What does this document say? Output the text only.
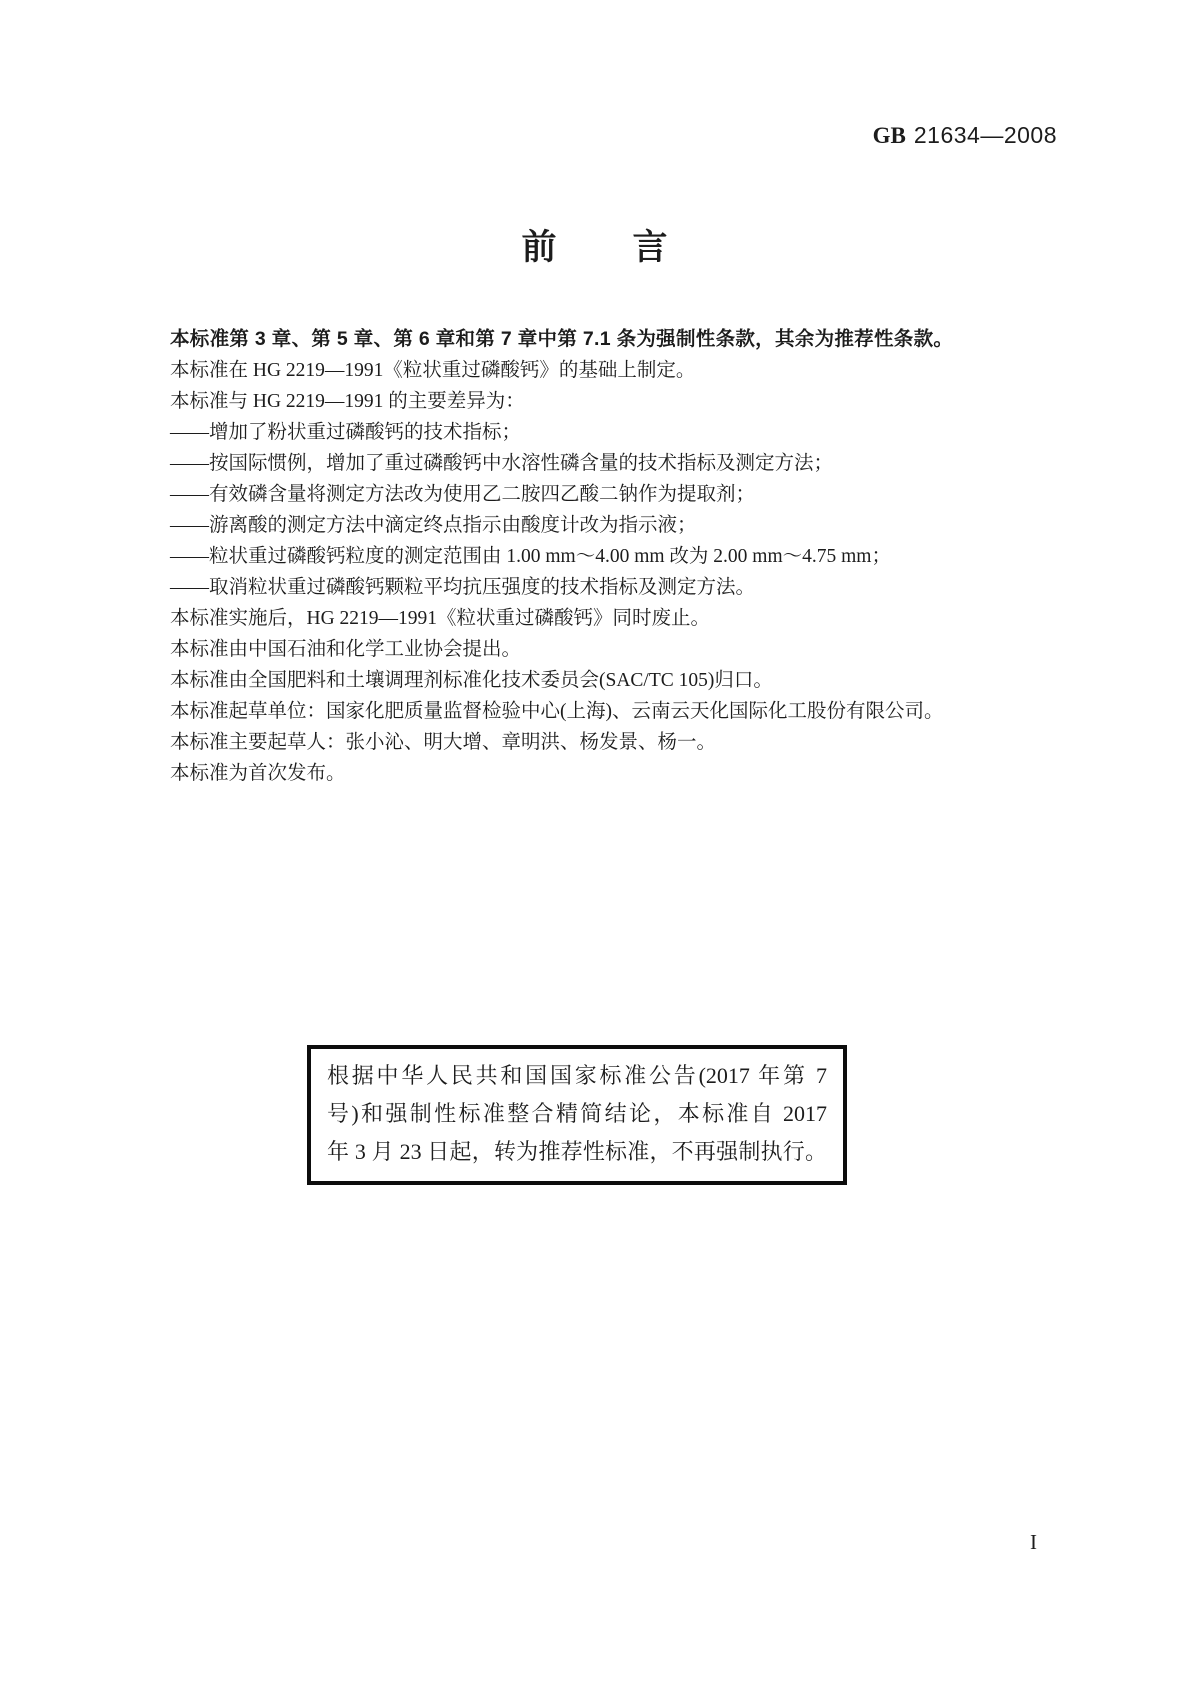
GB 21634—2008
前　　言
本标准第 3 章、第 5 章、第 6 章和第 7 章中第 7.1 条为强制性条款，其余为推荐性条款。
本标准在 HG 2219—1991《粒状重过磷酸钙》的基础上制定。
本标准与 HG 2219—1991 的主要差异为：
——增加了粉状重过磷酸钙的技术指标；
——按国际惯例，增加了重过磷酸钙中水溶性磷含量的技术指标及测定方法；
——有效磷含量将测定方法改为使用乙二胺四乙酸二钠作为提取剂；
——游离酸的测定方法中滴定终点指示由酸度计改为指示液；
——粒状重过磷酸钙粒度的测定范围由 1.00 mm～4.00 mm 改为 2.00 mm～4.75 mm；
——取消粒状重过磷酸钙颗粒平均抗压强度的技术指标及测定方法。
本标准实施后，HG 2219—1991《粒状重过磷酸钙》同时废止。
本标准由中国石油和化学工业协会提出。
本标准由全国肥料和土壤调理剂标准化技术委员会(SAC/TC 105)归口。
本标准起草单位：国家化肥质量监督检验中心(上海)、云南云天化国际化工股份有限公司。
本标准主要起草人：张小沁、明大增、章明洪、杨发景、杨一。
本标准为首次发布。
根据中华人民共和国国家标准公告(2017 年第 7
号)和强制性标准整合精简结论，本标准自 2017
年 3 月 23 日起，转为推荐性标准，不再强制执行。
I
